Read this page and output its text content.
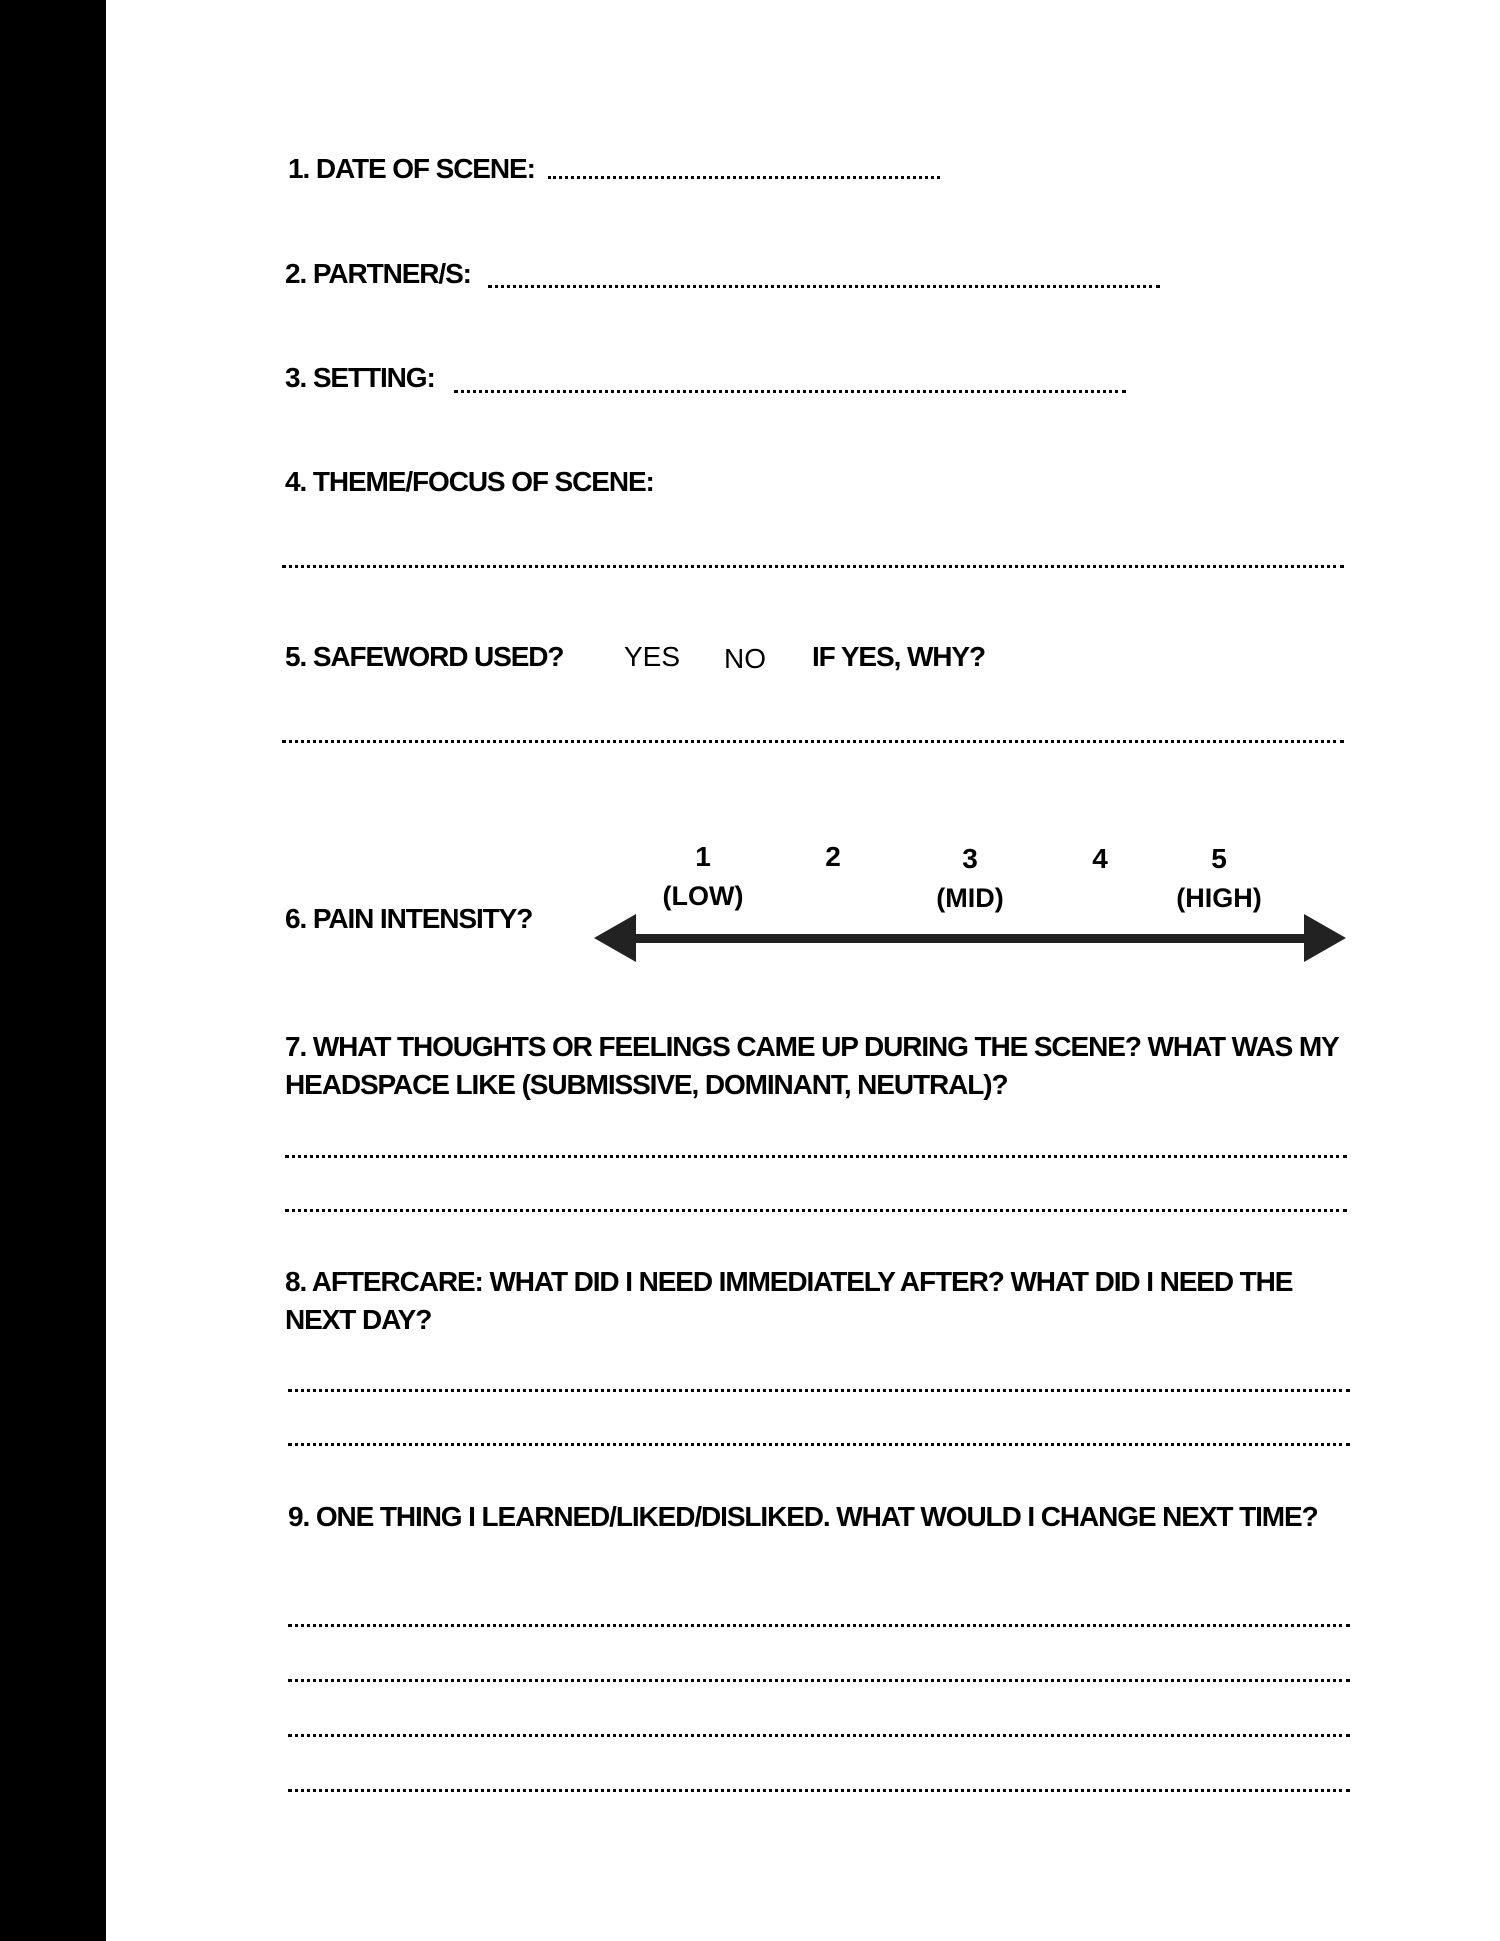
1. DATE OF SCENE:
2. PARTNER/S:
3. SETTING:
4. THEME/FOCUS OF SCENE:
5. SAFEWORD USED? YES NO IF YES, WHY?
1	2	3	4	5
(LOW)	(MID)	(HIGH)
6. PAIN INTENSITY?
7. WHAT THOUGHTS OR FEELINGS CAME UP DURING THE SCENE? WHAT WAS MY HEADSPACE LIKE (SUBMISSIVE, DOMINANT, NEUTRAL)?
8. AFTERCARE: WHAT DID I NEED IMMEDIATELY AFTER? WHAT DID I NEED THE NEXT DAY?
9. ONE THING I LEARNED/LIKED/DISLIKED. WHAT WOULD I CHANGE NEXT TIME?
